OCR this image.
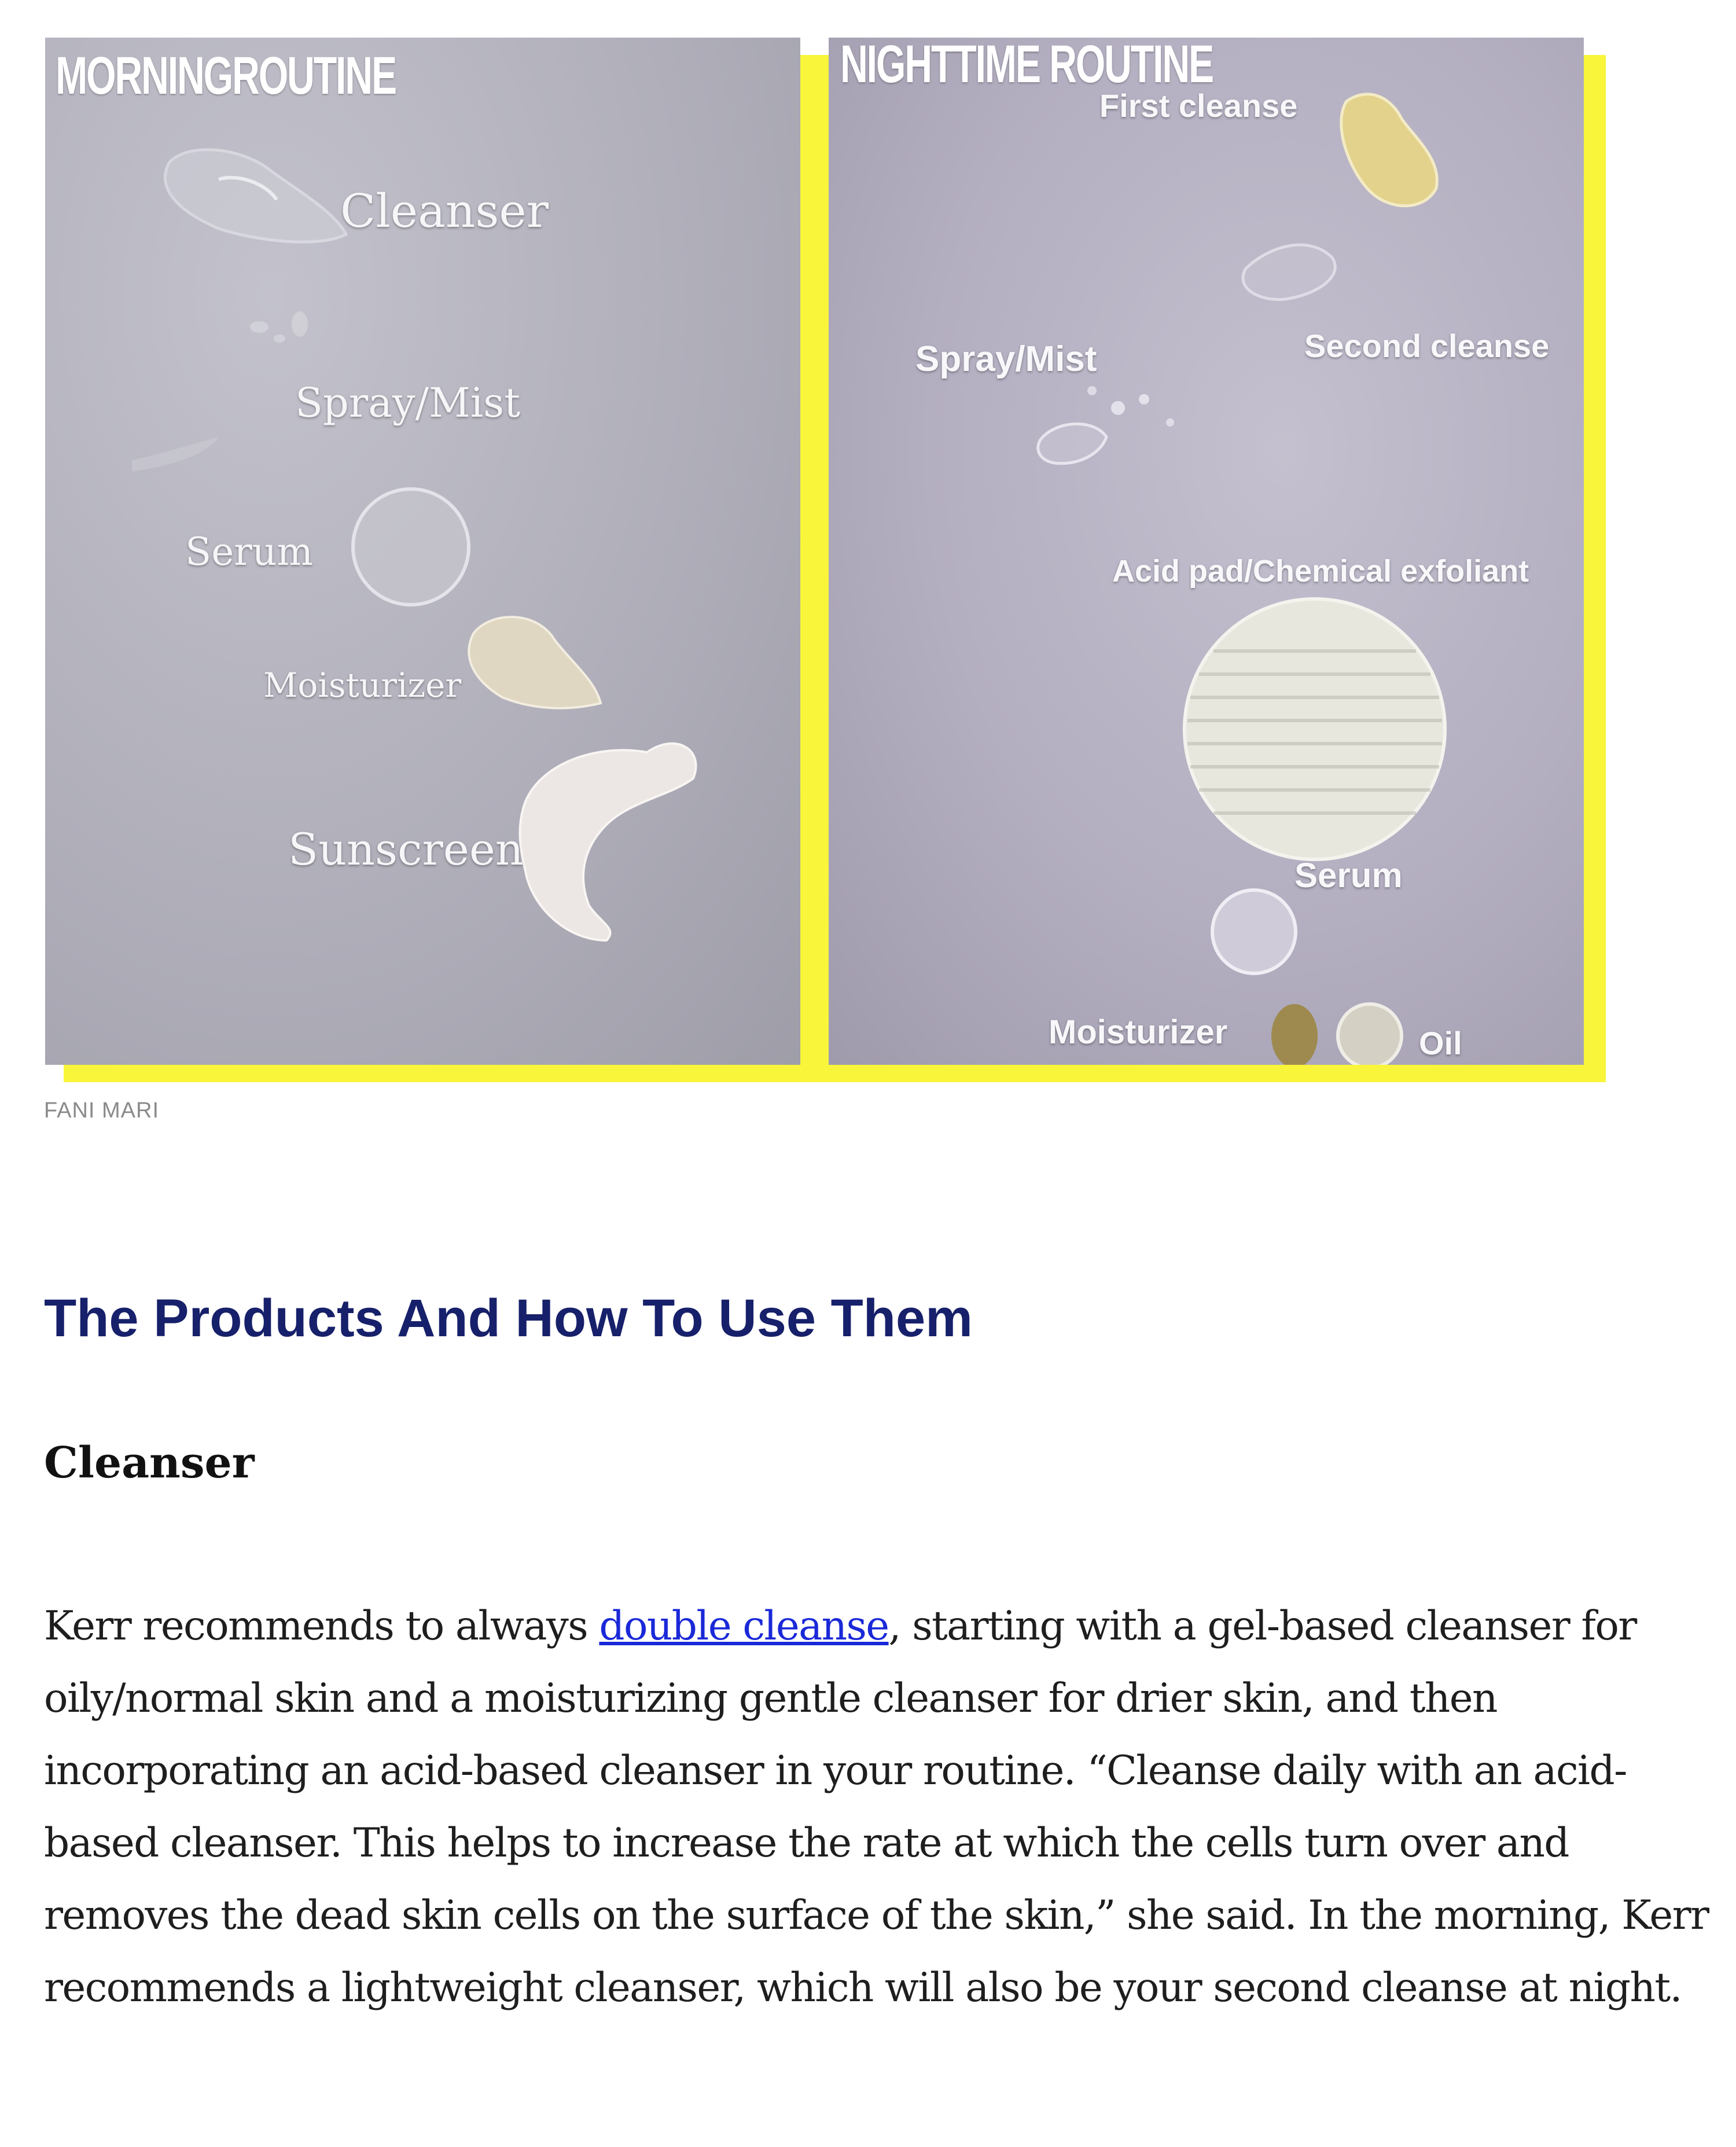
MORNINGROUTINE
Cleanser
Spray/Mist
Serum
Moisturizer
Sunscreen
NIGHTTIME ROUTINE
First cleanse
Second cleanse
Spray/Mist
Acid pad/Chemical exfoliant
Serum
Moisturizer	Oil
FANI MARI
The Products And How To Use Them
Cleanser

Kerr recommends to always double cleanse, starting with a gel-based cleanser for oily/normal skin and a moisturizing gentle cleanser for drier skin, and then incorporating an acid-based cleanser in your routine. “Cleanse daily with an acid-based cleanser. This helps to increase the rate at which the cells turn over and removes the dead skin cells on the surface of the skin,” she said. In the morning, Kerr recommends a lightweight cleanser, which will also be your second cleanse at night.
